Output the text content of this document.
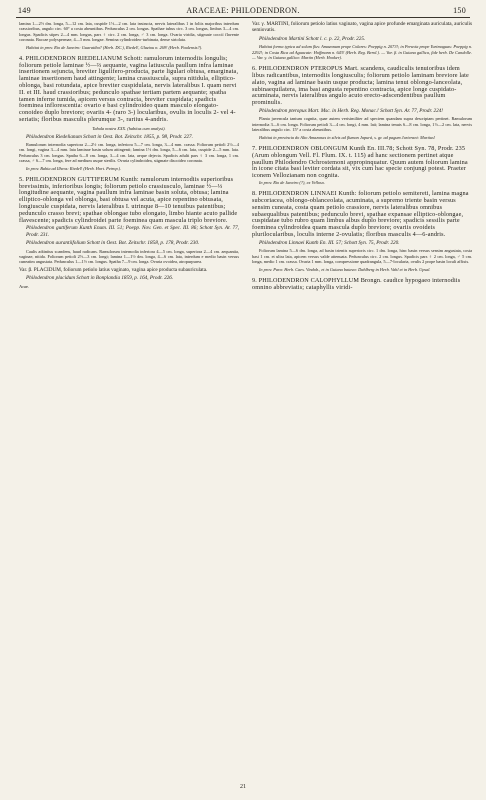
149	ARACEAE: PHILODENDRON.	150

lamina 1—2½ dm. longa, 5—12 cm. lata, cuspide 1½—2 cm. lata instructa, nervis lateralibus 1 in foliis majoribus interdum crassioribus, angulo circ. 60° a costa abeuntibus. Pedunculus 2 cm. longus. Spathae tubus circ. 3 cm. longus, limbus 3—4 cm. longus. Spadicis stipes 2—4 mm. longus, pars ♀ circ. 2 cm. longa, ♂ 3 cm. longa. Ovaria viridia, stigmate cocciï flavente coronata. Baccae polyspermae, 4—5 mm. longae. Semina cylindroideo-turbinata, dense striolata.

Habitat in prov. Rio de Janeiro: Guaratiba? (Herb. DC.), Riedel!, Glaziou n. 269! (Herb. Paulensis?).

4. PHILODENDRON RIEDELIANUM Schott: ramulorum internodiis longulis; foliorum petiole laminae ½—⅔ aequante, vagina latiuscula paullum infra laminae insertionem sejuncta, breviter ligulifero-producta, parte ligulari obtusa, emarginata, laminae insertionem haud attingente; lamina crassiuscula, supra nitidula, elliptico-oblonga, basi rotundata, apice breviter cuspidulata, nervis lateralibus I. quam nervi II. et III. haud crassioribus; pedunculo spathae tertiam partem aequante; spatha tamen inferne tumida, apicem versus contracta, breviter cuspidata; spadicis foeminea inflorescentia: ovario e basi cylindroideo quam masculo elongato-conoideo duplo breviore; ovariis 4- (raro 3-) locularibus, ovulis in loculis 2- vel 4-seriatis; floribus masculis plerumque 3-, rariius 4-andris.

Tabula nostra XXX. (habitus cum analysi).

Philodendron Riedelianum Schott in Oest. Bot. Zeitschr. 1855, p. 98, Prodr. 227.

Ramulorum internodia superiora 2—2½ cm. longa, inferiora 5—7 cm. longa, 3—4 mm. crassa. Foliorum petioli 2½—4 cm. longi, vagina 3—4 mm. lata laminae basin solum attingenti; lamina 1½ dm. longa, 5—6 cm. lata, cuspide 2—5 mm. lata. Pedunculus 3 cm. longus. Spatha 6—8 cm. longa, 3—4 cm. lata, aeque dejecta. Spadicis adulti pars ♀ 3 cm. longa, 1 cm. crassa, ♂ 6—7 cm. longa, fere ad medium usque sterilis. Ovaria cylindroidea, stigmate discoideo coronata.

In prov. Bahia ad Ilheos: Riedel! (Herb. Hort. Petrop.).

5. PHILODENDRON GUTTIFERUM Kunth: ramulorum internodiis superioribus brevissimis, inferioribus longis; foliorum petiolo crassiusculo, laminae ½—⅓ longitudine aequante, vagina paullum infra laminae basin soluta, obtusa; lamina elliptico-oblonga vel oblonga, basi obtusa vel acuta, apice repentino obtusata, longiuscule cuspidata, nervis lateralibus I. utrinque 8—10 tenuibus patentibus; pedunculo crasso brevi; spathae oblongae tubo elongato, limbo hiante acuto pallide flavescente; spadicis cylindroidei parte foeminea quam mascula triplo breviore.

Philodendron guttiferum Kunth Enum. III. 51; Poepp. Nov. Gen. et Spec. III. 86; Schott Syn. Ar. 77, Prodr. 231.

Philodendron aurantiifolium Schott in Oest. Bot. Zeitschr. 1858, p. 178, Prodr. 230.

Caulis adtinitus scandens, haud radicans. Ramulorum internodia inferiora 4—5 cm. longa, superiora 2—4 cm. aequantia, vaginae, nitida. Foliorum petioli 2½—3 cm. longi; lamina 1—1½ dm. longa, 4—6 cm. lata, interdum e medio basin versus cuneatim angustata. Pedunculus 1—1½ cm. longus. Spatha 7—9 cm. longa. Ovaria ovoidea, atropurpurea.

Var. β. PLACIDUM, foliorum petiolo latius vaginato, vagina apice producta subauriculata.

Philodendron placidum Schott in Bonplandia 1859, p. 164, Prodr. 226.

Arae.

Var. γ. MARTINI, foliorum petiolo latius vaginato, vagina apice profunde emarginata auriculata, auriculis semiovatis.

Philodendron Martini Schott l. c. p. 22, Prodr. 225.

Habitat forma typica ad solum fluv. Amazonum prope Colares: Poeppig n. 2073!; in Peruvia prope Yurimaguas: Poeppig n. 2292!; in Costa Rica ad Aguacate: Hoffmann n. 643! (Herb. Reg. Berol.). — Var. β. in Guiana gallica, fide herb. De Candolle. — Var. γ. in Guiana gallica: Martin (Herb. Hooker).

6. PHILODENDRON PTEROPUS Mart. scandens, caudiculis tenuioribus idem libus radicantibus, internodiis longiusculis; foliorum petiolo laminam breviore late alato, vagina ad laminae basin usque producta; lamina tenui oblongo-lanceolata, subinaequilatera, ima basi angusta repentino contracta, apice longe cuspidato-acuminata, nervis lateralibus angulo acuto erecto-adscendentibus paullum prominulis.

Philodendron pteropus Mart. Msc. in Herb. Reg. Monac.! Schott Syn. Ar. 77, Prodr. 224!

Planta juvenculа tantum cognita, quae autem verisimiliter ad speciem quandam supra descriptam pertinet. Ramulorum internodia 3—6 cm. longa. Foliorum petioli 3—4 cm. longi, 4 mm. lati; lamina tenuis 6—8 cm. longa, 1½—2 cm. lata, nervis lateralibus angulo circ. 15° a costa abeuntibus.

Habitat in provincia do Alto Amazonas in silvis ad fluman Japurá, s. gr. ad pagum Jurierani: Martius!

7. PHILODENDRON OBLONGUM Kunth En. III.78; Schott Syn. 78, Prodr. 235 (Arum oblongum Vell. Fl. Flum. IX. t. 115) ad hanc sectionem pertinet atque paullum Philodendro Ochrostemoni appropinquatur. Quum autem foliorum lamina in icone citata basi leviter cordata sit, vix cum hac specie conjungi potest. Praeter iconem Vellozianam non cognita.

In prov. Rio de Janeiro (?), ex Velloso.

8. PHILODENDRON LINNAEI Kunth: foliorum petiolo semiterеti, lamina magna subcoriacea, oblongo-oblanceolata, acuminata, a supremo triente basin versus sensim cuneata, costa quam petiolo crassiore, nervis lateralibus omnibus subaequalibus patentibus; pedunculo brevi, spathae expansae elliptico-oblongae, cuspidatae tubo rubro quam limbus albus duplo breviore; spadicis sessilis parte foeminea cylindroidea quam mascula duplo breviore; ovariis ovoideis plurilocularibus, loculis interne 2-ovulatis; floribus masculis 4—6-andris.

Philodendron Linnaei Kunth En. III. 57; Schott Syn. 75, Prodr. 220.

Foliorum lamina 5—6 dm. longa, ad basin trientis superioris circ. 1 dm. longa, hinc basin versus sensim angustata, costa basi 1 cm. et ultra lata, apicem versus valde attenuata. Pedunculus circ. 2 cm. longus. Spadicis pars ♀ 2 cm. longa, ♂ 5 cm. longa, medio 1 cm. crassa. Ovaria 1 mm. longa, compressione quadrangula, 5—7-locularia, ovulis 2 prope basin loculi affixis.

In prov. Para: Herb. Caes. Vindob., et in Guiana batava: Dahlberg in Herb. Vahl et in Herb. Upsal.

9. PHILODENDRON CALOPHYLLUM Brongn. caudice hypogaeo internodiis omnino abbreviatis; cataphyllis viridi-
21
